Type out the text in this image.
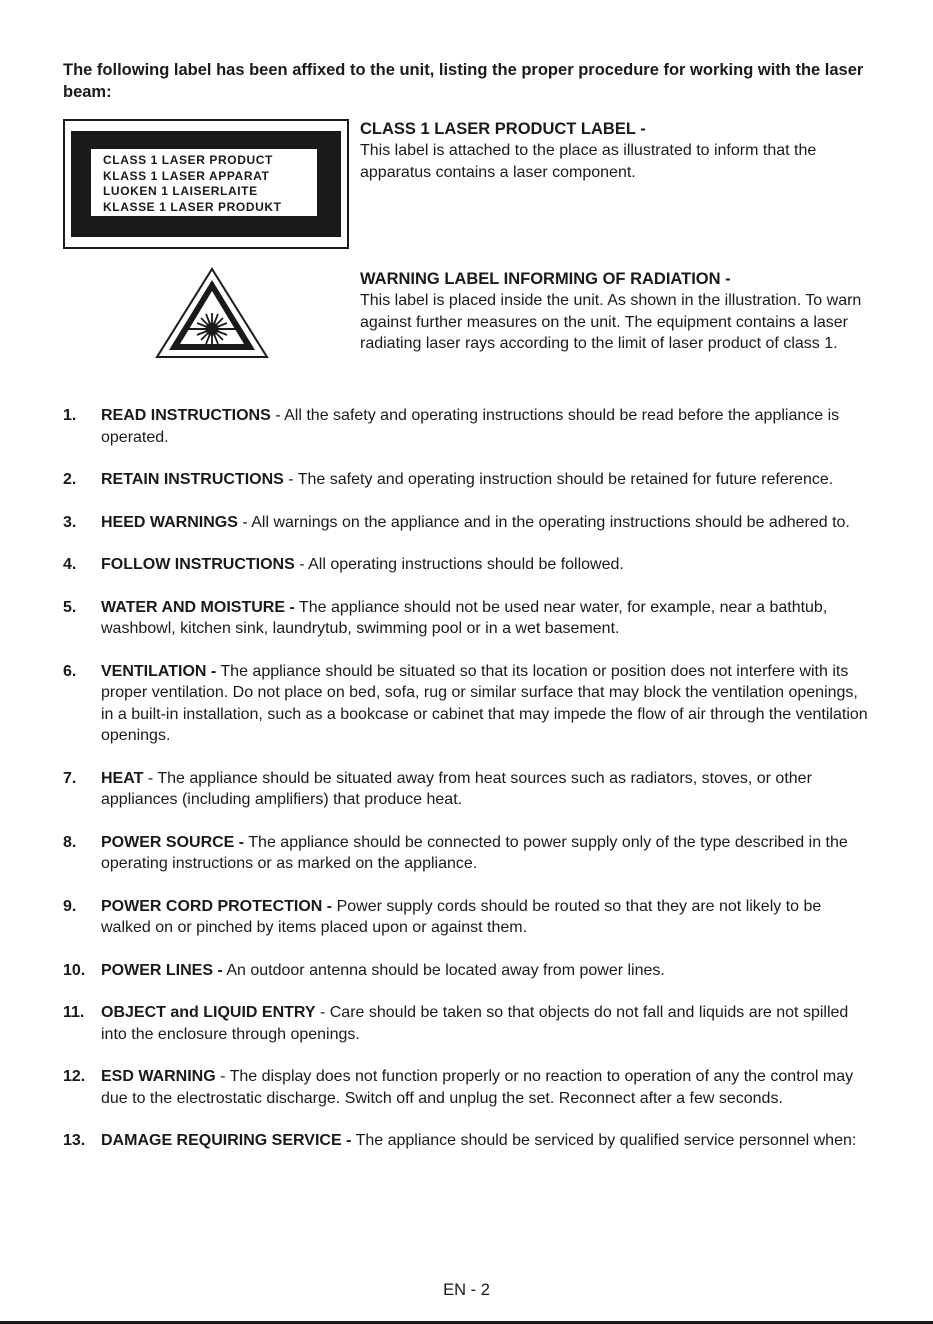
The following label has been affixed to the unit, listing the proper procedure for working with the laser beam:

CLASS 1 LASER PRODUCT
KLASS 1 LASER APPARAT
LUOKEN 1 LAISERLAITE
KLASSE 1 LASER PRODUKT
CLASS 1 LASER PRODUCT LABEL -
This label is attached to the place as illustrated to inform that the apparatus contains a laser component.
WARNING LABEL INFORMING OF RADIATION -
This label is placed inside the unit. As shown in the illustration. To warn against further measures on the unit. The equipment contains a laser radiating laser rays according to the limit of laser product of class 1.
1. READ INSTRUCTIONS - All the safety and operating instructions should be read before the appliance is operated.
2. RETAIN INSTRUCTIONS - The safety and operating instruction should be retained for future reference.
3. HEED WARNINGS - All warnings on the appliance and in the operating instructions should be adhered to.
4. FOLLOW INSTRUCTIONS - All operating instructions should be followed.
5. WATER AND MOISTURE - The appliance should not be used near water, for example, near a bathtub, washbowl, kitchen sink, laundrytub, swimming pool or in a wet basement.
6. VENTILATION - The appliance should be situated so that its location or position does not interfere with its proper ventilation. Do not place on bed, sofa, rug or similar surface that may block the ventilation openings, in a built-in installation, such as a bookcase or cabinet that may impede the flow of air through the ventilation openings.
7. HEAT - The appliance should be situated away from heat sources such as radiators, stoves, or other appliances (including amplifiers) that produce heat.
8. POWER SOURCE - The appliance should be connected to power supply only of the type described in the operating instructions or as marked on the appliance.
9. POWER CORD PROTECTION - Power supply cords should be routed so that they are not likely to be walked on or pinched by items placed upon or against them.
10. POWER LINES - An outdoor antenna should be located away from power lines.
11. OBJECT and LIQUID ENTRY - Care should be taken so that objects do not fall and liquids are not spilled into the enclosure through openings.
12. ESD WARNING - The display does not function properly or no reaction to operation of any the control may due to the electrostatic discharge. Switch off and unplug the set. Reconnect after a few seconds.
13. DAMAGE REQUIRING SERVICE - The appliance should be serviced by qualified service personnel when:
EN - 2
